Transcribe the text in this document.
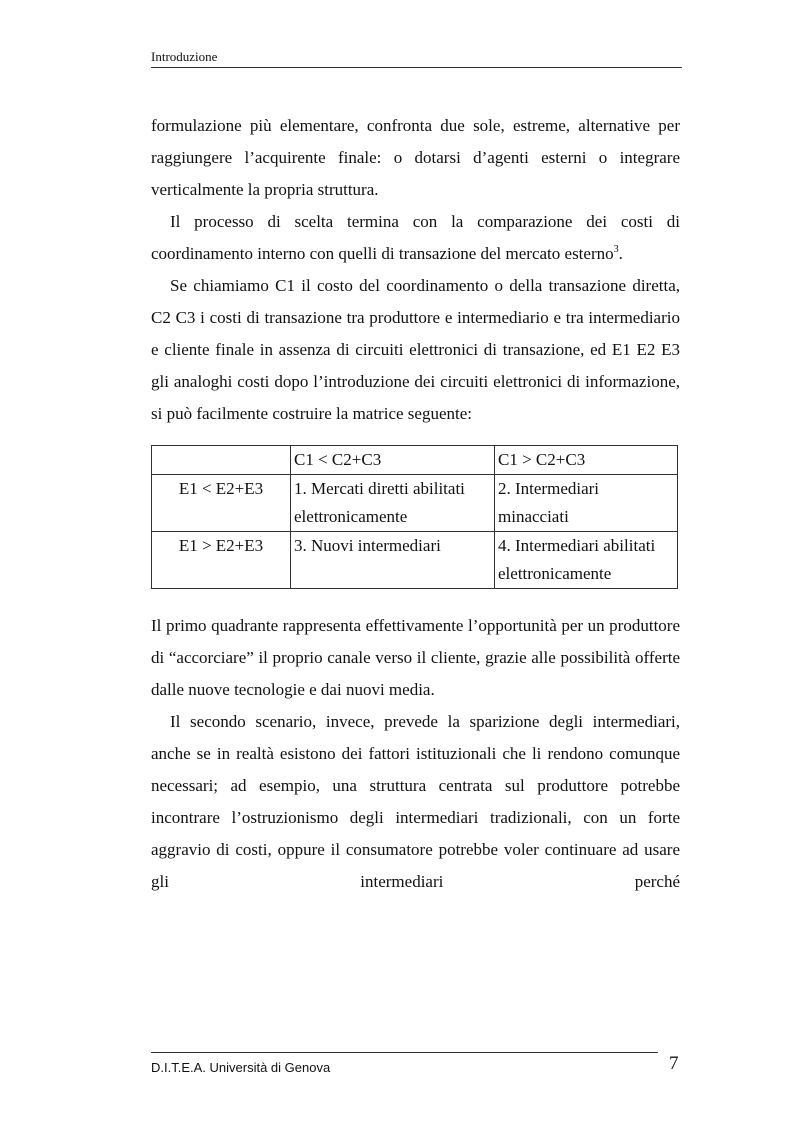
Introduzione

formulazione più elementare, confronta due sole, estreme, alternative per raggiungere l’acquirente finale: o dotarsi d’agenti esterni o integrare verticalmente la propria struttura.

Il processo di scelta termina con la comparazione dei costi di coordinamento interno con quelli di transazione del mercato esterno$^3$.

Se chiamiamo C1 il costo del coordinamento o della transazione diretta, C2 C3 i costi di transazione tra produttore e intermediario e tra intermediario e cliente finale in assenza di circuiti elettronici di transazione, ed E1 E2 E3 gli analoghi costi dopo l’introduzione dei circuiti elettronici di informazione, si può facilmente costruire la matrice seguente:

	C1 < C2+C3	C1 > C2+C3
E1 < E2+E3	1. Mercati diretti abilitati elettronicamente	2. Intermediari minacciati
E1 > E2+E3	3. Nuovi intermediari	4. Intermediari abilitati elettronicamente

Il primo quadrante rappresenta effettivamente l’opportunità per un produttore di “accorciare” il proprio canale verso il cliente, grazie alle possibilità offerte dalle nuove tecnologie e dai nuovi media.

Il secondo scenario, invece, prevede la sparizione degli intermediari, anche se in realtà esistono dei fattori istituzionali che li rendono comunque necessari; ad esempio, una struttura centrata sul produttore potrebbe incontrare l’ostruzionismo degli intermediari tradizionali, con un forte aggravio di costi, oppure il consumatore potrebbe voler continuare ad usare gli intermediari perché

D.I.T.E.A. Università di Genova	7
